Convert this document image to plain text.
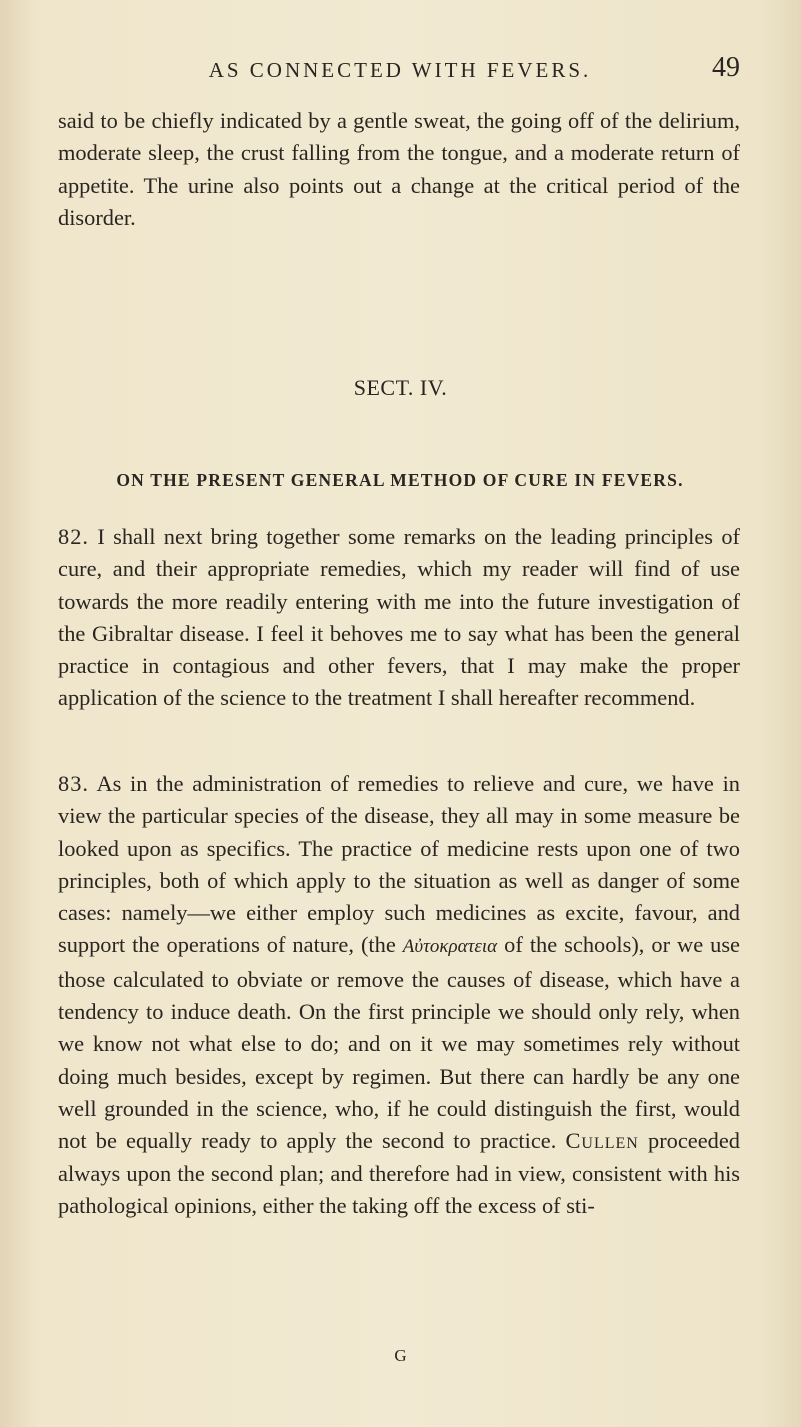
AS CONNECTED WITH FEVERS.	49

said to be chiefly indicated by a gentle sweat, the going off of the delirium, moderate sleep, the crust falling from the tongue, and a moderate return of appetite. The urine also points out a change at the critical period of the disorder.

SECT. IV.
ON THE PRESENT GENERAL METHOD OF CURE IN FEVERS.

82. I shall next bring together some remarks on the leading principles of cure, and their appropriate remedies, which my reader will find of use towards the more readily entering with me into the future investigation of the Gibraltar disease. I feel it behoves me to say what has been the general practice in contagious and other fevers, that I may make the proper application of the science to the treatment I shall hereafter recommend.

83. As in the administration of remedies to relieve and cure, we have in view the particular species of the disease, they all may in some measure be looked upon as specifics. The practice of medicine rests upon one of two principles, both of which apply to the situation as well as danger of some cases: namely—we either employ such medicines as excite, favour, and support the operations of nature, (the Αὐτοκρατεια of the schools), or we use those calculated to obviate or remove the causes of disease, which have a tendency to induce death. On the first principle we should only rely, when we know not what else to do; and on it we may sometimes rely without doing much besides, except by regimen. But there can hardly be any one well grounded in the science, who, if he could distinguish the first, would not be equally ready to apply the second to practice. Cullen proceeded always upon the second plan; and therefore had in view, consistent with his pathological opinions, either the taking off the excess of sti-

G
